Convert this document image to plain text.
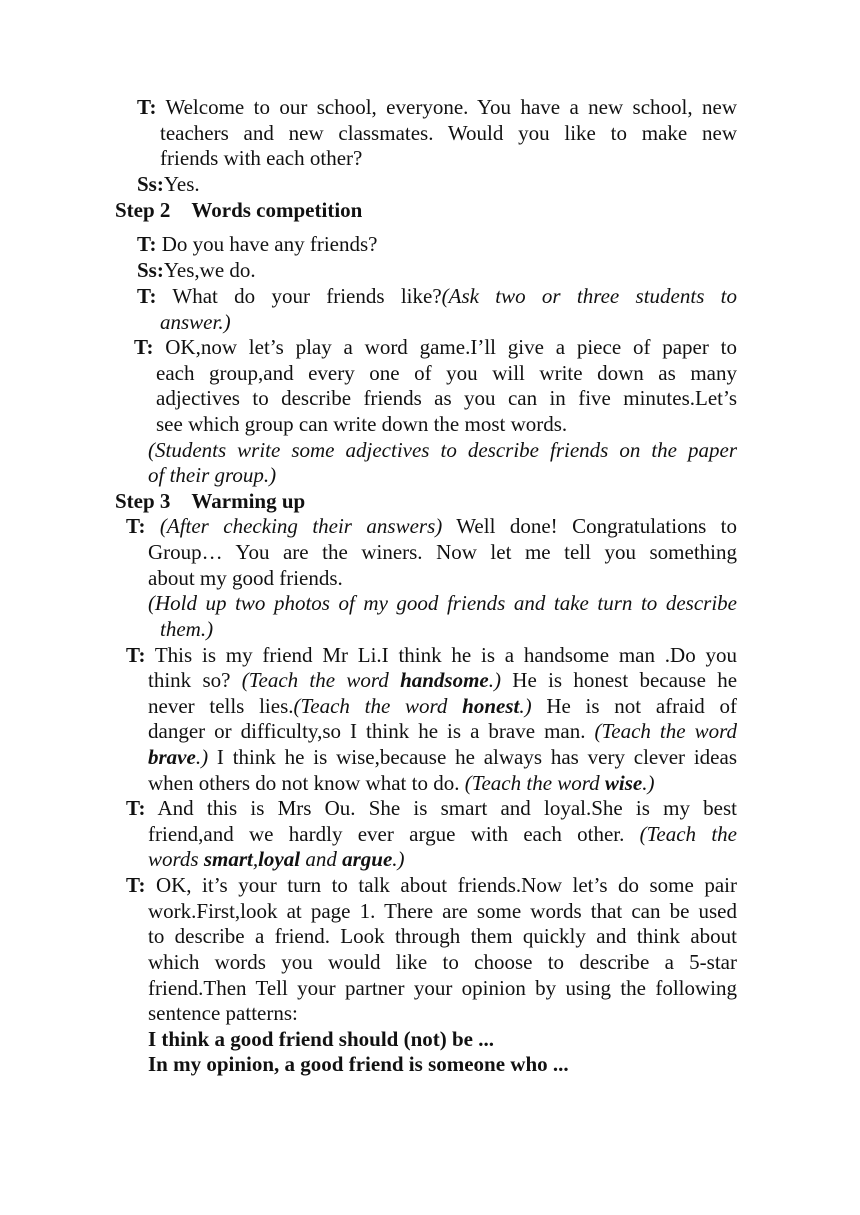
T: Welcome to our school, everyone. You have a new school, new
teachers and new classmates. Would you like to make new
friends with each other?
Ss:Yes.
Step 2    Words competition
T: Do you have any friends?
Ss:Yes,we do.
T: What do your friends like?(Ask two or three students to
answer.)
T: OK,now let’s play a word game.I’ll give a piece of paper to
each group,and every one of you will write down as many
adjectives to describe friends as you can in five minutes.Let’s
see which group can write down the most words.
(Students write some adjectives to describe friends on the paper
of their group.)
Step 3    Warming up
T: (After checking their answers) Well done! Congratulations to
Group… You are the winers. Now let me tell you something
about my good friends.
(Hold up two photos of my good friends and take turn to describe
them.)
T: This is my friend Mr Li.I think he is a handsome man .Do you
think so? (Teach the word handsome.) He is honest because he
never tells lies.(Teach the word honest.) He is not afraid of
danger or difficulty,so I think he is a brave man. (Teach the word
brave.) I think he is wise,because he always has very clever ideas
when others do not know what to do. (Teach the word wise.)
T: And this is Mrs Ou. She is smart and loyal.She is my best
friend,and we hardly ever argue with each other. (Teach the
words smart,loyal and argue.)
T: OK, it’s your turn to talk about friends.Now let’s do some pair
work.First,look at page 1. There are some words that can be used
to describe a friend. Look through them quickly and think about
which words you would like to choose to describe a 5-star
friend.Then Tell your partner your opinion by using the following
sentence patterns:
I think a good friend should (not) be ...
In my opinion, a good friend is someone who ...
